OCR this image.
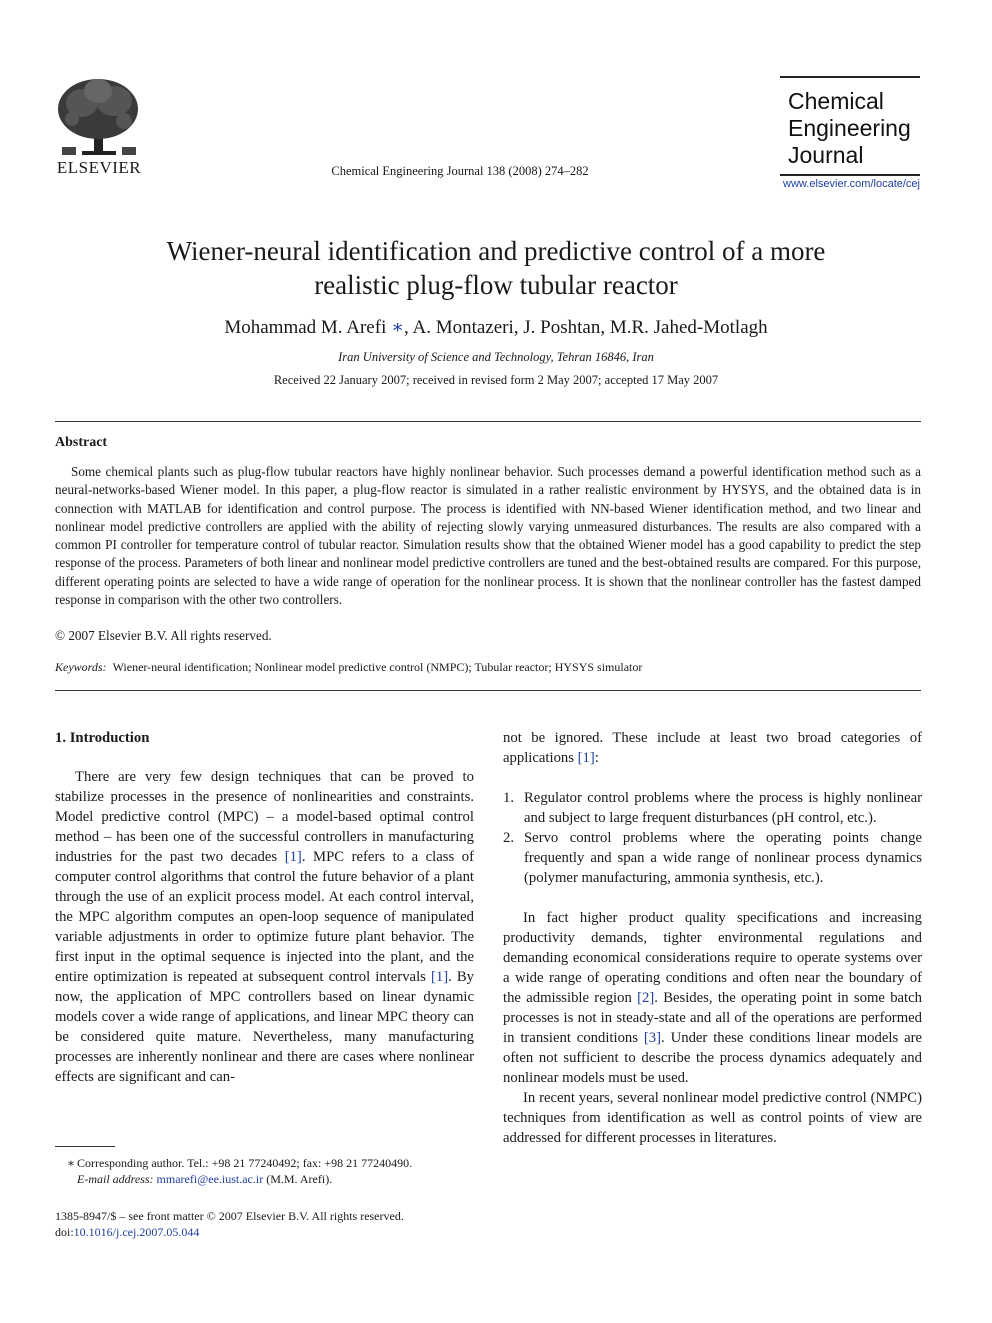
ELSEVIER	Chemical Engineering Journal 138 (2008) 274–282
Chemical
Engineering
Journal
www.elsevier.com/locate/cej
Wiener-neural identification and predictive control of a more
realistic plug-flow tubular reactor
Mohammad M. Arefi ∗, A. Montazeri, J. Poshtan, M.R. Jahed-Motlagh
Iran University of Science and Technology, Tehran 16846, Iran
Received 22 January 2007; received in revised form 2 May 2007; accepted 17 May 2007
Abstract
Some chemical plants such as plug-flow tubular reactors have highly nonlinear behavior. Such processes demand a powerful identification method such as a neural-networks-based Wiener model. In this paper, a plug-flow reactor is simulated in a rather realistic environment by HYSYS, and the obtained data is in connection with MATLAB for identification and control purpose. The process is identified with NN-based Wiener identification method, and two linear and nonlinear model predictive controllers are applied with the ability of rejecting slowly varying unmeasured disturbances. The results are also compared with a common PI controller for temperature control of tubular reactor. Simulation results show that the obtained Wiener model has a good capability to predict the step response of the process. Parameters of both linear and nonlinear model predictive controllers are tuned and the best-obtained results are compared. For this purpose, different operating points are selected to have a wide range of operation for the nonlinear process. It is shown that the nonlinear controller has the fastest damped response in comparison with the other two controllers.
© 2007 Elsevier B.V. All rights reserved.
Keywords: Wiener-neural identification; Nonlinear model predictive control (NMPC); Tubular reactor; HYSYS simulator
1. Introduction

There are very few design techniques that can be proved to stabilize processes in the presence of nonlinearities and constraints. Model predictive control (MPC) – a model-based optimal control method – has been one of the successful controllers in manufacturing industries for the past two decades [1]. MPC refers to a class of computer control algorithms that control the future behavior of a plant through the use of an explicit process model. At each control interval, the MPC algorithm computes an open-loop sequence of manipulated variable adjustments in order to optimize future plant behavior. The first input in the optimal sequence is injected into the plant, and the entire optimization is repeated at subsequent control intervals [1]. By now, the application of MPC controllers based on linear dynamic models cover a wide range of applications, and linear MPC theory can be considered quite mature. Nevertheless, many manufacturing processes are inherently nonlinear and there are cases where nonlinear effects are significant and can-

not be ignored. These include at least two broad categories of applications [1]:

1. Regulator control problems where the process is highly nonlinear and subject to large frequent disturbances (pH control, etc.).
2. Servo control problems where the operating points change frequently and span a wide range of nonlinear process dynamics (polymer manufacturing, ammonia synthesis, etc.).

In fact higher product quality specifications and increasing productivity demands, tighter environmental regulations and demanding economical considerations require to operate systems over a wide range of operating conditions and often near the boundary of the admissible region [2]. Besides, the operating point in some batch processes is not in steady-state and all of the operations are performed in transient conditions [3]. Under these conditions linear models are often not sufficient to describe the process dynamics adequately and nonlinear models must be used.

In recent years, several nonlinear model predictive control (NMPC) techniques from identification as well as control points of view are addressed for different processes in literatures.

∗ Corresponding author. Tel.: +98 21 77240492; fax: +98 21 77240490.
E-mail address: mmarefi@ee.iust.ac.ir (M.M. Arefi).
1385-8947/$ – see front matter © 2007 Elsevier B.V. All rights reserved.
doi:10.1016/j.cej.2007.05.044
